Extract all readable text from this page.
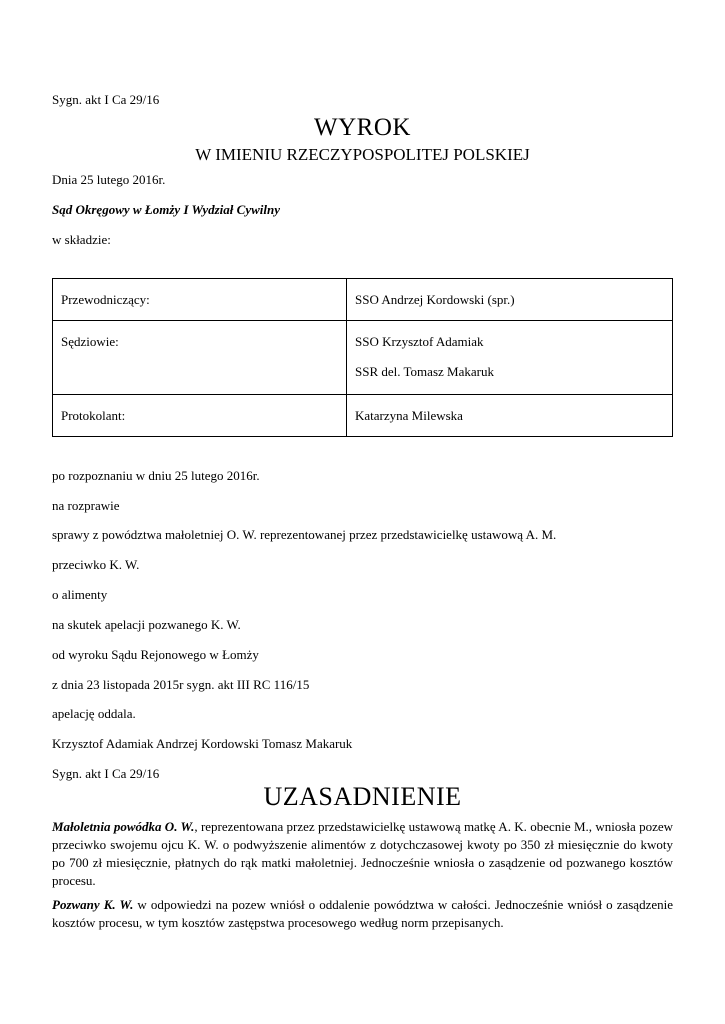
Sygn. akt I Ca 29/16
WYROK
W IMIENIU RZECZYPOSPOLITEJ POLSKIEJ
Dnia 25 lutego 2016r.
Sąd Okręgowy w Łomży I Wydział Cywilny
w składzie:
Przewodniczący:	SSO Andrzej Kordowski (spr.)

Sędziowie:	SSO Krzysztof Adamiak
SSR del. Tomasz Makaruk

Protokolant:	Katarzyna Milewska
po rozpoznaniu w dniu 25 lutego 2016r.
na rozprawie
sprawy z powództwa małoletniej O. W. reprezentowanej przez przedstawicielkę ustawową A. M.
przeciwko K. W.
o alimenty
na skutek apelacji pozwanego K. W.
od wyroku Sądu Rejonowego w Łomży
z dnia 23 listopada 2015r sygn. akt III RC 116/15
apelację oddala.
Krzysztof Adamiak Andrzej Kordowski Tomasz Makaruk
Sygn. akt I Ca 29/16
UZASADNIENIE
Małoletnia powódka O. W., reprezentowana przez przedstawicielkę ustawową matkę A. K. obecnie M., wniosła pozew przeciwko swojemu ojcu K. W. o podwyższenie alimentów z dotychczasowej kwoty po 350 zł miesięcznie do kwoty po 700 zł miesięcznie, płatnych do rąk matki małoletniej. Jednocześnie wniosła o zasądzenie od pozwanego kosztów procesu.
Pozwany K. W. w odpowiedzi na pozew wniósł o oddalenie powództwa w całości. Jednocześnie wniósł o zasądzenie kosztów procesu, w tym kosztów zastępstwa procesowego według norm przepisanych.
